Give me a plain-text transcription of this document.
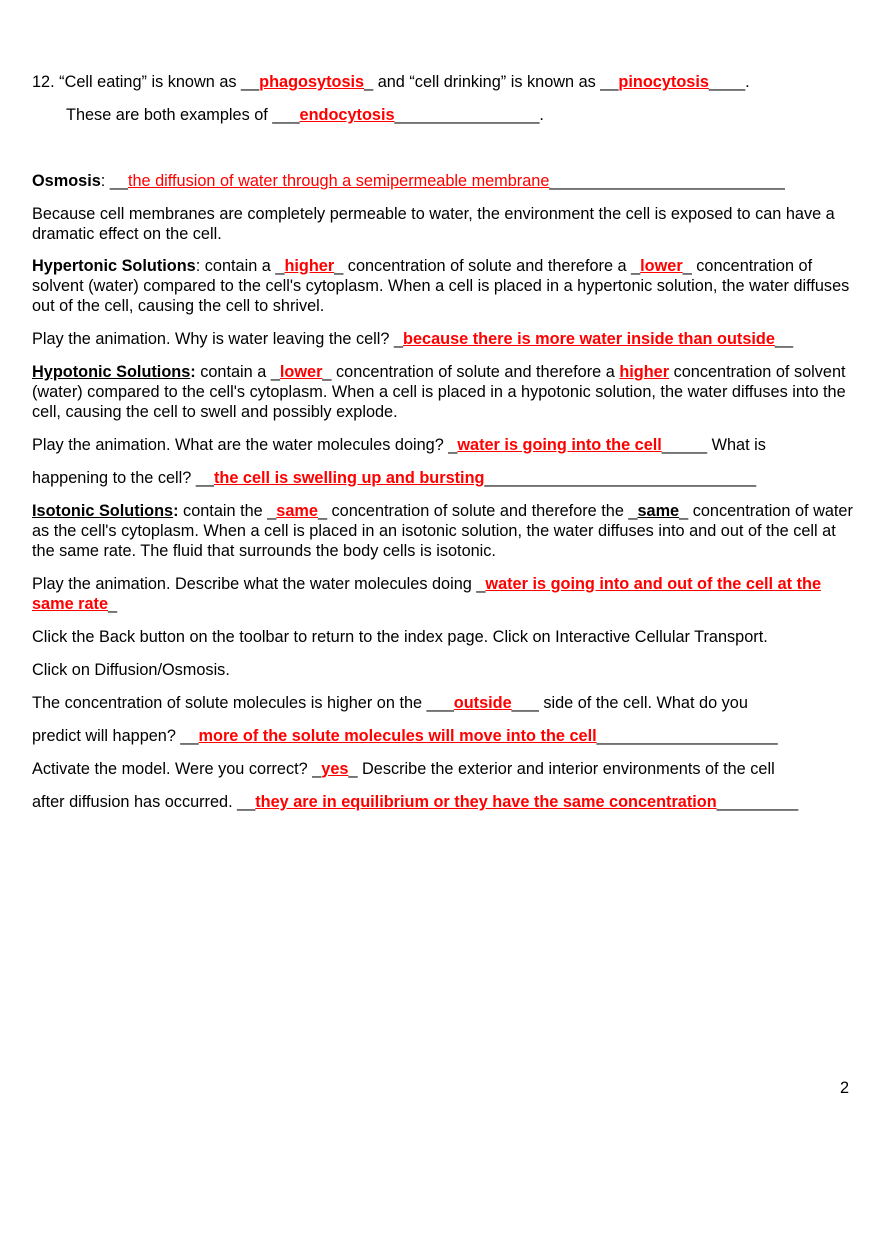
12. “Cell eating” is known as __phagosytosis_ and “cell drinking” is known as __pinocytosis____.

These are both examples of ___endocytosis________________.

Osmosis: __the diffusion of water through a semipermeable membrane__________________________

Because cell membranes are completely permeable to water, the environment the cell is exposed to can have a dramatic effect on the cell.

Hypertonic Solutions: contain a _higher_ concentration of solute and therefore a _lower_ concentration of solvent (water) compared to the cell's cytoplasm. When a cell is placed in a hypertonic solution, the water diffuses out of the cell, causing the cell to shrivel.

Play the animation. Why is water leaving the cell? _because there is more water inside than outside__

Hypotonic Solutions: contain a _lower_ concentration of solute and therefore a higher concentration of solvent (water) compared to the cell's cytoplasm. When a cell is placed in a hypotonic solution, the water diffuses into the cell, causing the cell to swell and possibly explode.

Play the animation. What are the water molecules doing? _water is going into the cell_____ What is

happening to the cell? __the cell is swelling up and bursting______________________________

Isotonic Solutions: contain the _same_ concentration of solute and therefore the _same_ concentration of water as the cell's cytoplasm. When a cell is placed in an isotonic solution, the water diffuses into and out of the cell at the same rate. The fluid that surrounds the body cells is isotonic.

Play the animation. Describe what the water molecules doing _water is going into and out of the cell at the same rate_

Click the Back button on the toolbar to return to the index page. Click on Interactive Cellular Transport.

Click on Diffusion/Osmosis.

The concentration of solute molecules is higher on the ___outside___ side of the cell. What do you

predict will happen? __more of the solute molecules will move into the cell____________________

Activate the model. Were you correct? _yes_ Describe the exterior and interior environments of the cell

after diffusion has occurred. __they are in equilibrium or they have the same concentration_________

2
